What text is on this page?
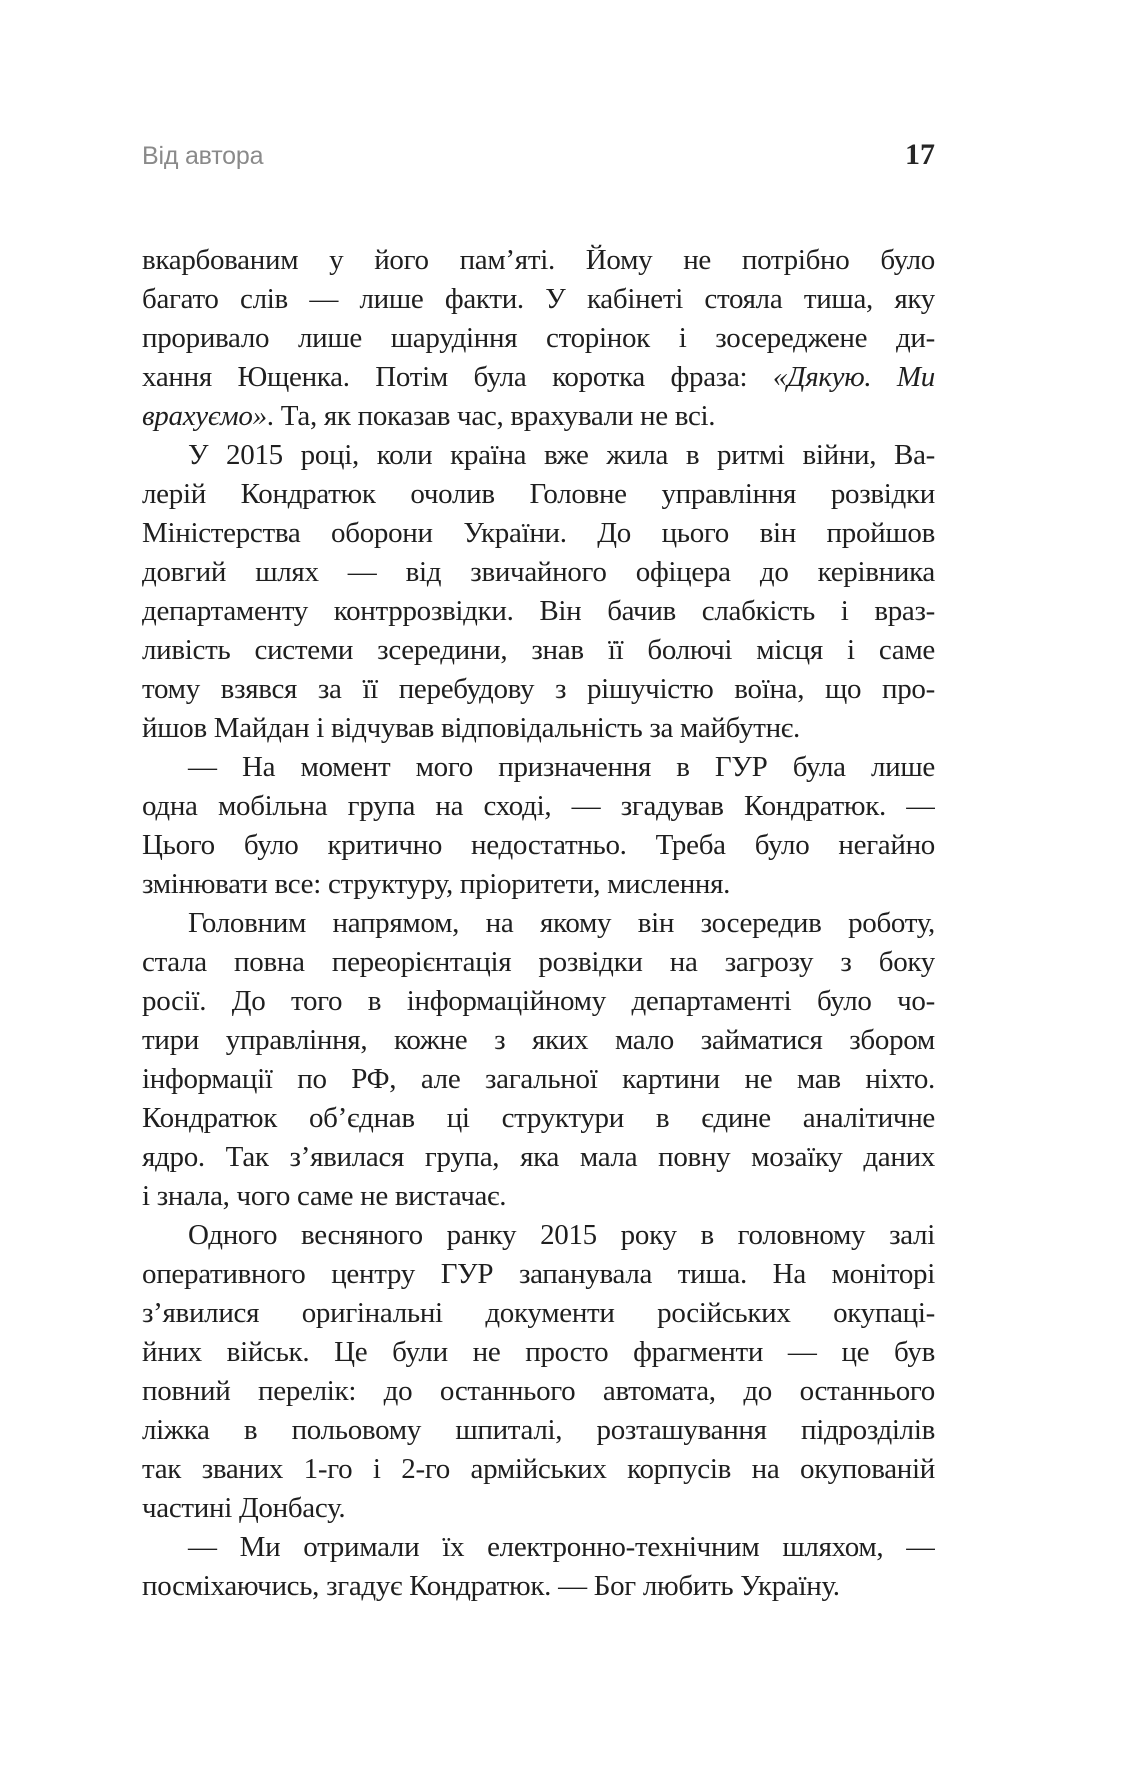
Від автора	17
вкарбованим у його пам’яті. Йому не потрібно було
багато слів — лише факти. У кабінеті стояла тиша, яку
проривало лише шарудіння сторінок і зосереджене ди-
хання Ющенка. Потім була коротка фраза: «Дякую. Ми
врахуємо». Та, як показав час, врахували не всі.
У 2015 році, коли країна вже жила в ритмі війни, Ва-
лерій Кондратюк очолив Головне управління розвідки
Міністерства оборони України. До цього він пройшов
довгий шлях — від звичайного офіцера до керівника
департаменту контррозвідки. Він бачив слабкість і враз-
ливість системи зсередини, знав її болючі місця і саме
тому взявся за її перебудову з рішучістю воїна, що про-
йшов Майдан і відчував відповідальність за майбутнє.
— На момент мого призначення в ГУР була лише
одна мобільна група на сході, — згадував Кондратюк. —
Цього було критично недостатньо. Треба було негайно
змінювати все: структуру, пріоритети, мислення.
Головним напрямом, на якому він зосередив роботу,
стала повна переорієнтація розвідки на загрозу з боку
росії. До того в інформаційному департаменті було чо-
тири управління, кожне з яких мало займатися збором
інформації по РФ, але загальної картини не мав ніхто.
Кондратюк об’єднав ці структури в єдине аналітичне
ядро. Так з’явилася група, яка мала повну мозаїку даних
і знала, чого саме не вистачає.
Одного весняного ранку 2015 року в головному залі
оперативного центру ГУР запанувала тиша. На моніторі
з’явилися оригінальні документи російських окупаці-
йних військ. Це були не просто фрагменти — це був
повний перелік: до останнього автомата, до останнього
ліжка в польовому шпиталі, розташування підрозділів
так званих 1-го і 2-го армійських корпусів на окупованій
частині Донбасу.
— Ми отримали їх електронно-технічним шляхом, —
посміхаючись, згадує Кондратюк. — Бог любить Україну.
